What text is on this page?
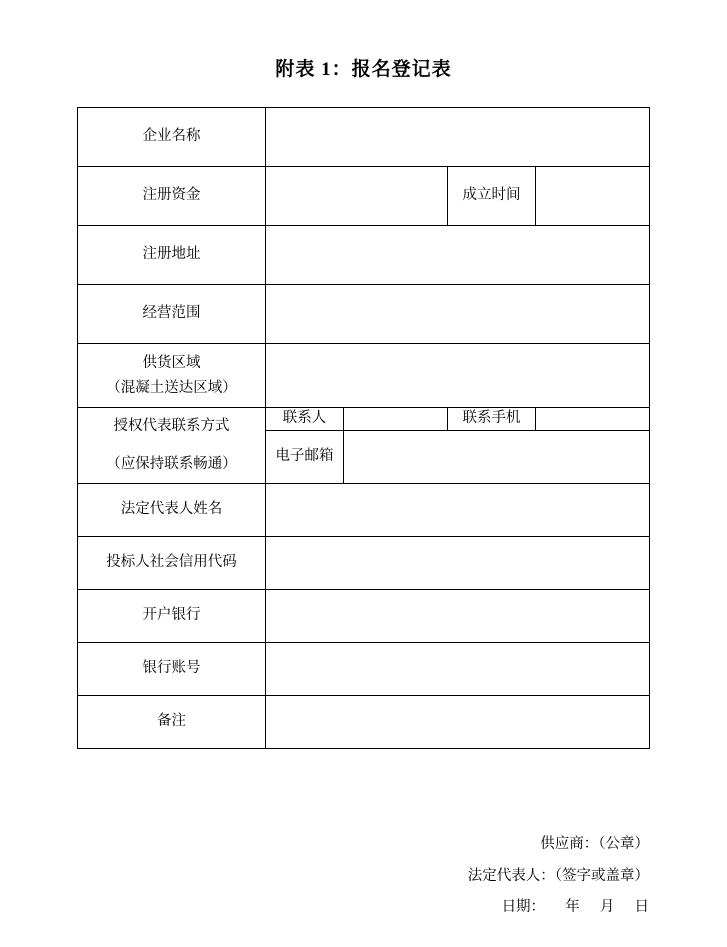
附表 1：报名登记表
企业名称				
注册资金			成立时间	
注册地址				
经营范围				

供货区域
（混凝土送达区域）				

授权代表联系方式
（应保持联系畅通）	联系人		联系手机	
	电子邮箱			
法定代表人姓名				
投标人社会信用代码				
开户银行				
银行账号				
备注				
供应商：（公章）
法定代表人：（签字或盖章）
日期：     年     月     日
